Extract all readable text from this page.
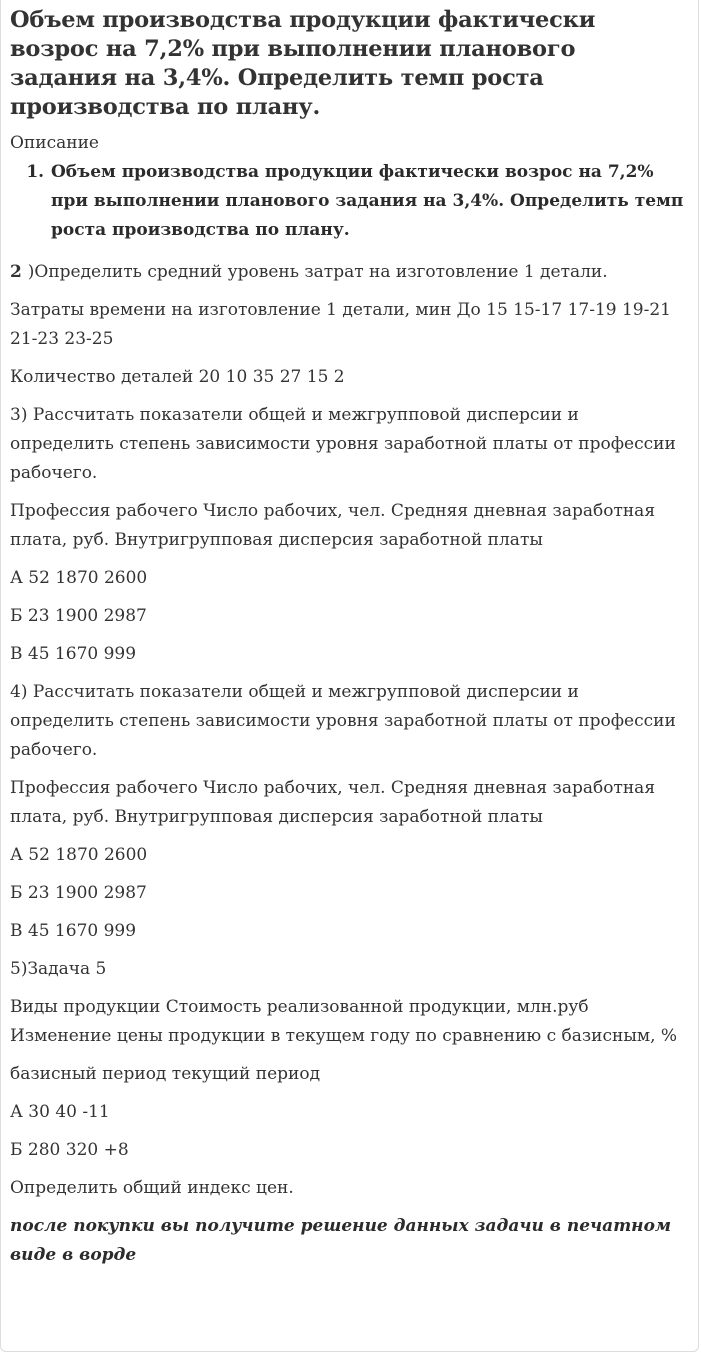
Объем производства продукции фактически возрос на 7,2% при выполнении планового задания на 3,4%. Определить темп роста производства по плану.
Описание
1. Объем производства продукции фактически возрос на 7,2% при выполнении планового задания на 3,4%. Определить темп роста производства по плану.

2 )Определить средний уровень затрат на изготовление 1 детали.

Затраты времени на изготовление 1 детали, мин До 15 15-17 17-19 19-21 21-23 23-25

Количество деталей 20 10 35 27 15 2

3) Рассчитать показатели общей и межгрупповой дисперсии и определить степень зависимости уровня заработной платы от профессии рабочего.

Профессия рабочего Число рабочих, чел. Средняя дневная заработная плата, руб. Внутригрупповая дисперсия заработной платы

А 52 1870 2600

Б 23 1900 2987

В 45 1670 999

4) Рассчитать показатели общей и межгрупповой дисперсии и определить степень зависимости уровня заработной платы от профессии рабочего.

Профессия рабочего Число рабочих, чел. Средняя дневная заработная плата, руб. Внутригрупповая дисперсия заработной платы

А 52 1870 2600

Б 23 1900 2987

В 45 1670 999

5)Задача 5

Виды продукции Стоимость реализованной продукции, млн.руб Изменение цены продукции в текущем году по сравнению с базисным, %

базисный период текущий период

А 30 40 -11

Б 280 320 +8

Определить общий индекс цен.

после покупки вы получите решение данных задачи в печатном виде в ворде
